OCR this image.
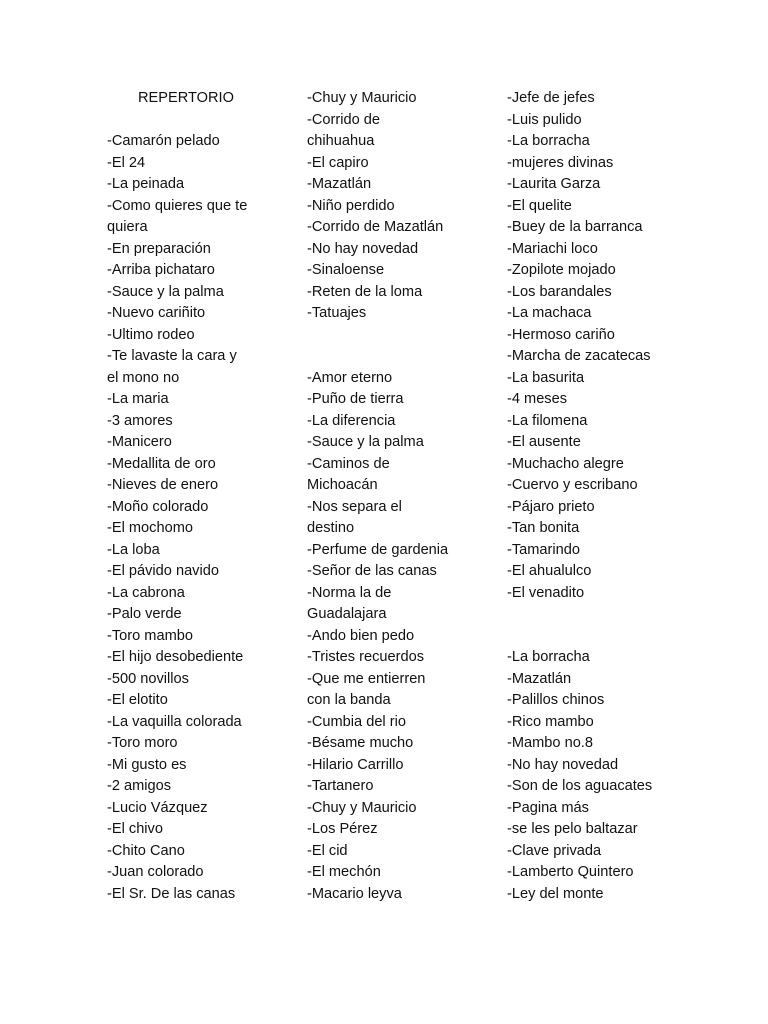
REPERTORIO
-Camarón pelado
-El 24
-La peinada
-Como quieres que te
quiera
-En preparación
-Arriba pichataro
-Sauce y la palma
-Nuevo cariñito
-Ultimo rodeo
-Te lavaste la cara y
el mono no
-La maria
-3 amores
-Manicero
-Medallita de oro
-Nieves de enero
-Moño colorado
-El mochomo
-La loba
-El pávido navido
-La cabrona
-Palo verde
-Toro mambo
-El hijo desobediente
-500 novillos
-El elotito
-La vaquilla colorada
-Toro moro
-Mi gusto es
-2 amigos
-Lucio Vázquez
-El chivo
-Chito Cano
-Juan colorado
-El Sr. De las canas
-Chuy y Mauricio
-Corrido de
chihuahua
-El capiro
-Mazatlán
-Niño perdido
-Corrido de Mazatlán
-No hay novedad
-Sinaloense
-Reten de la loma
-Tatuajes
-Amor eterno
-Puño de tierra
-La diferencia
-Sauce y la palma
-Caminos de
Michoacán
-Nos separa el
destino
-Perfume de gardenia
-Señor de las canas
-Norma la de
Guadalajara
-Ando bien pedo
-Tristes recuerdos
-Que me entierren
con la banda
-Cumbia del rio
-Bésame mucho
-Hilario Carrillo
-Tartanero
-Chuy y Mauricio
-Los Pérez
-El cid
-El mechón
-Macario leyva
-Jefe de jefes
-Luis pulido
-La borracha
-mujeres divinas
-Laurita Garza
-El quelite
-Buey de la barranca
-Mariachi loco
-Zopilote mojado
-Los barandales
-La machaca
-Hermoso cariño
-Marcha de zacatecas
-La basurita
-4 meses
-La filomena
-El ausente
-Muchacho alegre
-Cuervo y escribano
-Pájaro prieto
-Tan bonita
-Tamarindo
-El ahualulco
-El venadito
-La borracha
-Mazatlán
-Palillos chinos
-Rico mambo
-Mambo no.8
-No hay novedad
-Son de los aguacates
-Pagina más
-se les pelo baltazar
-Clave privada
-Lamberto Quintero
-Ley del monte
